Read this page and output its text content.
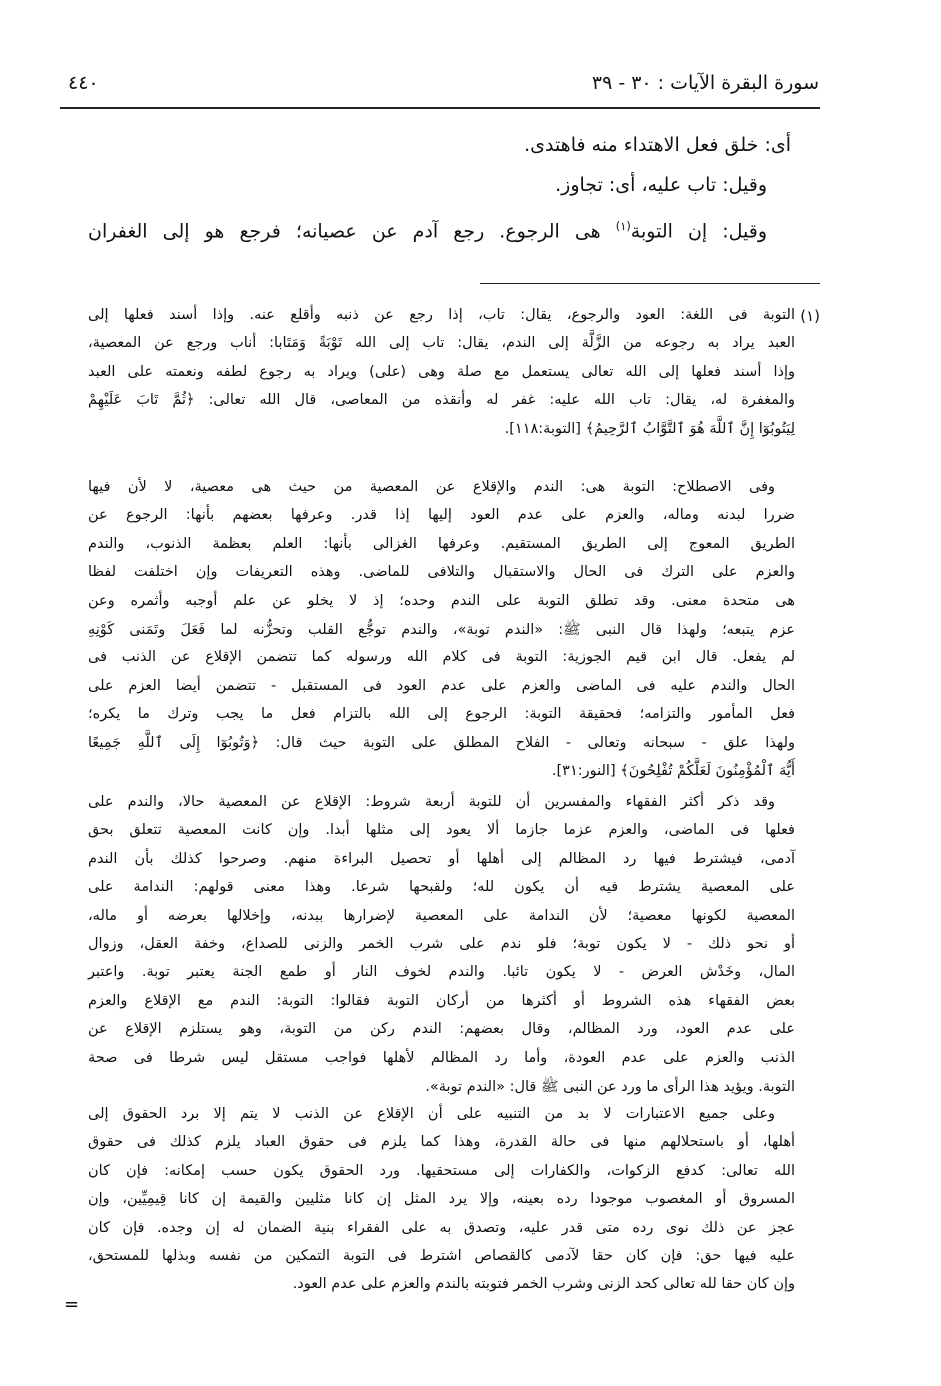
٤٤٠	سورة البقرة الآيات : ٣٠ - ٣٩
أى: خلق فعل الاهتداء منه فاهتدى.
وقيل: تاب عليه، أى: تجاوز.
وقيل: إن التوبة$^{(١)}$ هى الرجوع. رجع آدم عن عصيانه؛ فرجع هو إلى الغفران
(١)
التوبة فى اللغة: العود والرجوع، يقال: تاب، إذا رجع عن ذنبه وأقلع عنه. وإذا أسند فعلها إلى
العبد يراد به رجوعه من الزَّلَّة إلى الندم، يقال: تاب إلى الله تَوْبَةً وَمَتَابا: أناب ورجع عن المعصية،
وإذا أسند فعلها إلى الله تعالى يستعمل مع صلة وهى (على) ويراد به رجوع لطفه ونعمته على العبد
والمغفرة له، يقال: تاب الله عليه: غفر له وأنقذه من المعاصى، قال الله تعالى: ﴿ثُمَّ تَابَ عَلَيْهِمْ
لِيَتُوبُوٓا إِنَّ ٱللَّهَ هُوَ ٱلتَّوَّابُ ٱلرَّحِيمُ﴾ [التوبة:١١٨].
وفى الاصطلاح: التوبة هى: الندم والإقلاع عن المعصية من حيث هى معصية، لا لأن فيها
ضررا لبدنه وماله، والعزم على عدم العود إليها إذا قدر. وعرفها بعضهم بأنها: الرجوع عن
الطريق المعوج إلى الطريق المستقيم. وعرفها الغزالى بأنها: العلم بعظمة الذنوب، والندم
والعزم على الترك فى الحال والاستقبال والتلافى للماضى. وهذه التعريفات وإن اختلفت لفظا
هى متحدة معنى. وقد تطلق التوبة على الندم وحده؛ إذ لا يخلو عن علم أوجبه وأثمره وعن
عزم يتبعه؛ ولهذا قال النبى ﷺ: «الندم توبة»، والندم توجُّع القلب وتحزُّنه لما فَعَلَ وتَمَنى كَوْنِهِ
لم يفعل. قال ابن قيم الجوزية: التوبة فى كلام الله ورسوله كما تتضمن الإقلاع عن الذنب فى
الحال والندم عليه فى الماضى والعزم على عدم العود فى المستقبل - تتضمن أيضا العزم على
فعل المأمور والتزامه؛ فحقيقة التوبة: الرجوع إلى الله بالتزام فعل ما يجب وترك ما يكره؛
ولهذا علق - سبحانه وتعالى - الفلاح المطلق على التوبة حيث قال: ﴿وَتُوبُوٓا إِلَى ٱللَّهِ جَمِيعًا
أَيُّهَ ٱلْمُؤْمِنُونَ لَعَلَّكُمْ تُفْلِحُونَ﴾ [النور:٣١].
وقد ذكر أكثر الفقهاء والمفسرين أن للتوبة أربعة شروط: الإقلاع عن المعصية حالا، والندم على
فعلها فى الماضى، والعزم عزما جازما ألا يعود إلى مثلها أبدا. وإن كانت المعصية تتعلق بحق
آدمى، فيشترط فيها رد المظالم إلى أهلها أو تحصيل البراءة منهم. وصرحوا كذلك بأن الندم
على المعصية يشترط فيه أن يكون لله؛ ولقبحها شرعا. وهذا معنى قولهم: الندامة على
المعصية لكونها معصية؛ لأن الندامة على المعصية لإضرارها ببدنه، وإخلالها بعرضه أو ماله،
أو نحو ذلك - لا يكون توبة؛ فلو ندم على شرب الخمر والزنى للصداع، وخفة العقل، وزوال
المال، وخَدْش العرض - لا يكون تائبا. والندم لخوف النار أو طمع الجنة يعتبر توبة. واعتبر
بعض الفقهاء هذه الشروط أو أكثرها من أركان التوبة فقالوا: التوبة: الندم مع الإقلاع والعزم
على عدم العود، ورد المظالم، وقال بعضهم: الندم ركن من التوبة، وهو يستلزم الإقلاع عن
الذنب والعزم على عدم العودة، وأما رد المظالم لأهلها فواجب مستقل ليس شرطا فى صحة
التوبة. ويؤيد هذا الرأى ما ورد عن النبى ﷺ قال: «الندم توبة».
وعلى جميع الاعتبارات لا بد من التنبيه على أن الإقلاع عن الذنب لا يتم إلا برد الحقوق إلى
أهلها، أو باستحلالهم منها فى حالة القدرة، وهذا كما يلزم فى حقوق العباد يلزم كذلك فى حقوق
الله تعالى: كدفع الزكوات، والكفارات إلى مستحقيها. ورد الحقوق يكون حسب إمكانه: فإن كان
المسروق أو المغصوب موجودا رده بعينه، وإلا يرد المثل إن كانا مثليين والقيمة إن كانا قِيمِيِّين، وإن
عجز عن ذلك نوى رده متى قدر عليه، وتصدق به على الفقراء بنية الضمان له إن وجده. فإن كان
عليه فيها حق: فإن كان حقا لآدمى كالقصاص اشترط فى التوبة التمكين من نفسه وبذلها للمستحق،
وإن كان حقا لله تعالى كحد الزنى وشرب الخمر فتوبته بالندم والعزم على عدم العود.
=
